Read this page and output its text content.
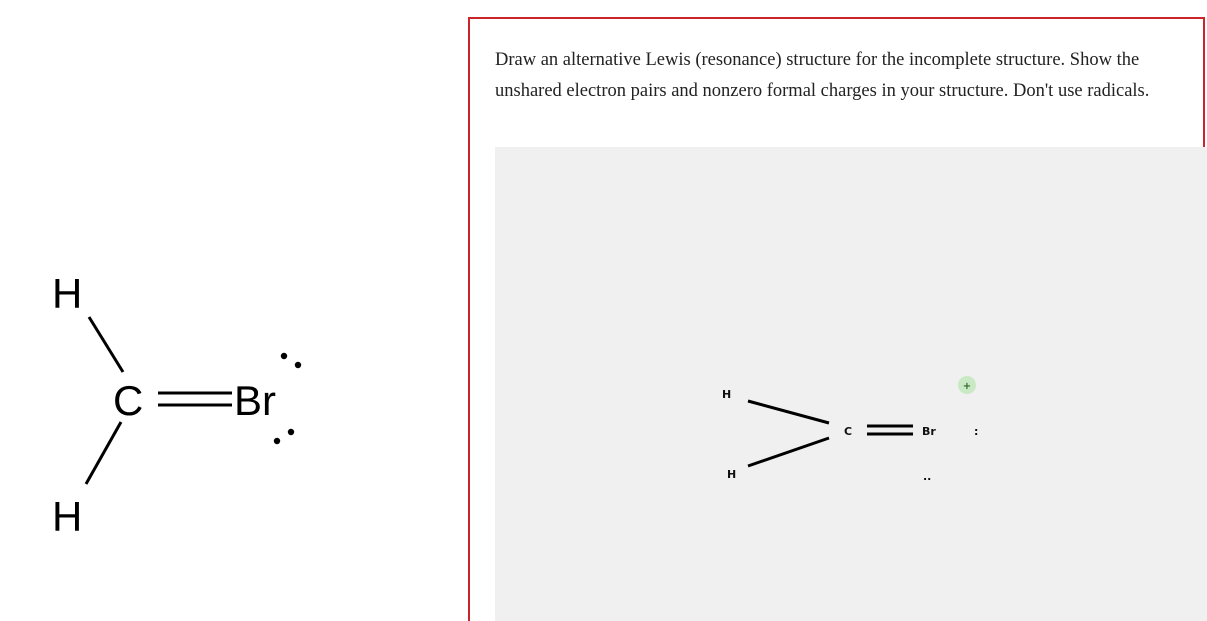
H
C Br
H
Draw an alternative Lewis (resonance) structure for the incomplete structure. Show the unshared electron pairs and nonzero formal charges in your structure. Don't use radicals.
H
H
C	Br	:
..
+
